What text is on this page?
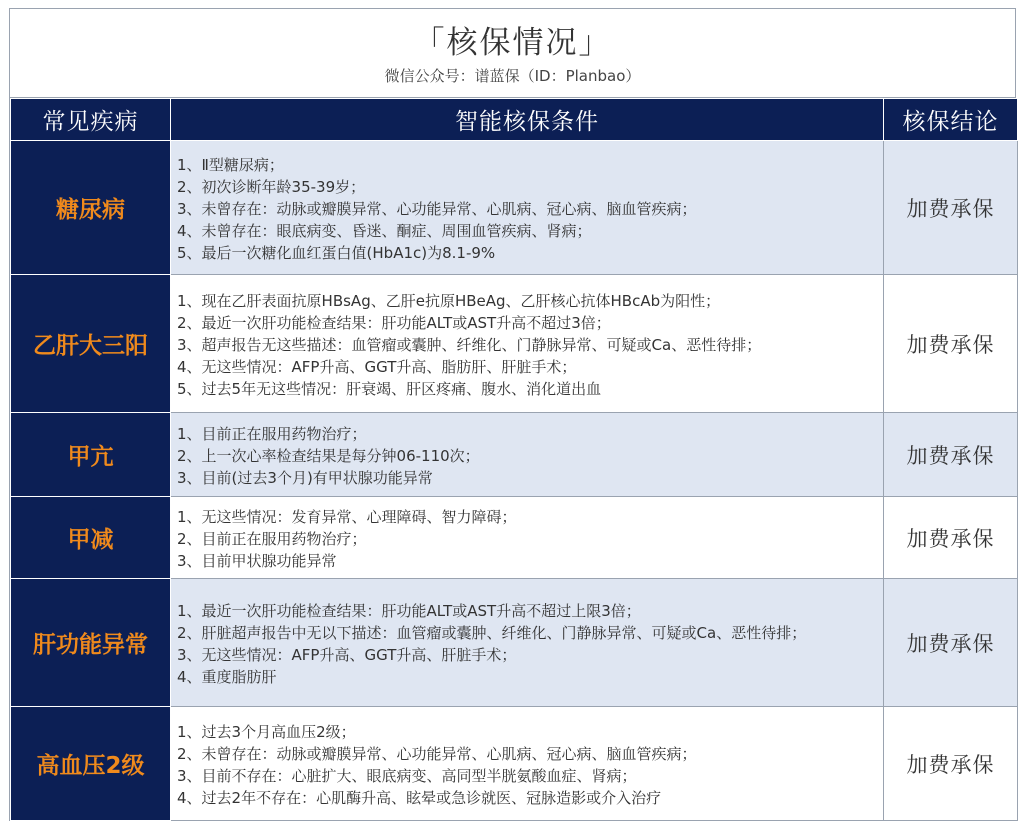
「核保情况」
微信公众号：谱蓝保（ID：Planbao）
常见疾病	智能核保条件	核保结论
糖尿病	1、Ⅱ型糖尿病；
2、初次诊断年龄35-39岁；
3、未曾存在：动脉或瓣膜异常、心功能异常、心肌病、冠心病、脑血管疾病；
4、未曾存在：眼底病变、昏迷、酮症、周围血管疾病、肾病；
5、最后一次糖化血红蛋白值(HbA1c)为8.1-9%	加费承保
乙肝大三阳	1、现在乙肝表面抗原HBsAg、乙肝e抗原HBeAg、乙肝核心抗体HBcAb为阳性；
2、最近一次肝功能检查结果：肝功能ALT或AST升高不超过3倍；
3、超声报告无这些描述：血管瘤或囊肿、纤维化、门静脉异常、可疑或Ca、恶性待排；
4、无这些情况：AFP升高、GGT升高、脂肪肝、肝脏手术；
5、过去5年无这些情况：肝衰竭、肝区疼痛、腹水、消化道出血	加费承保
甲亢	1、目前正在服用药物治疗；
2、上一次心率检查结果是每分钟06-110次；
3、目前(过去3个月)有甲状腺功能异常	加费承保
甲减	1、无这些情况：发育异常、心理障碍、智力障碍；
2、目前正在服用药物治疗；
3、目前甲状腺功能异常	加费承保
肝功能异常	1、最近一次肝功能检查结果：肝功能ALT或AST升高不超过上限3倍；
2、肝脏超声报告中无以下描述：血管瘤或囊肿、纤维化、门静脉异常、可疑或Ca、恶性待排；
3、无这些情况：AFP升高、GGT升高、肝脏手术；
4、重度脂肪肝	加费承保
高血压2级	1、过去3个月高血压2级；
2、未曾存在：动脉或瓣膜异常、心功能异常、心肌病、冠心病、脑血管疾病；
3、目前不存在：心脏扩大、眼底病变、高同型半胱氨酸血症、肾病；
4、过去2年不存在：心肌酶升高、眩晕或急诊就医、冠脉造影或介入治疗	加费承保
